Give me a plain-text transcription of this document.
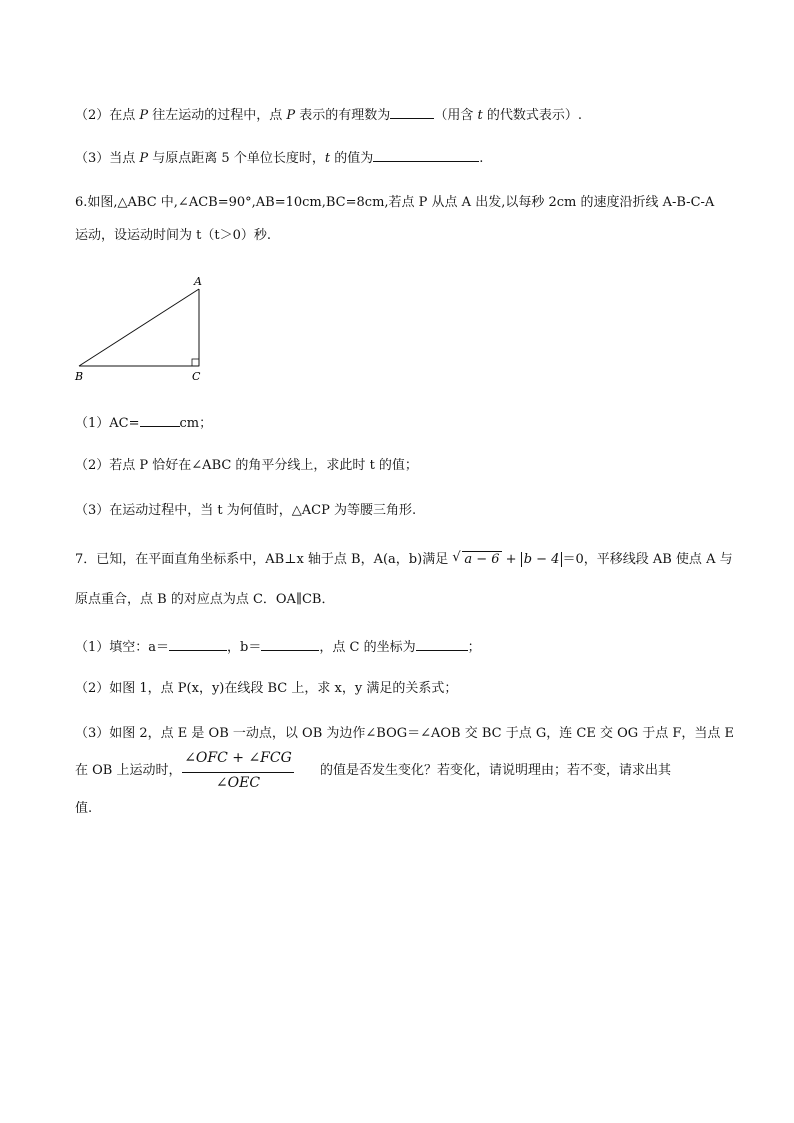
（2）在点 P 往左运动的过程中，点 P 表示的有理数为	（用含 t 的代数式表示）.
（3）当点 P 与原点距离 5 个单位长度时，t 的值为	.
6.如图,△ABC 中,∠ACB=90°,AB=10cm,BC=8cm,若点 P 从点 A 出发,以每秒 2cm 的速度沿折线 A-B-C-A
运动，设运动时间为 t（t＞0）秒.
A
B	C
（1）AC=	cm；
（2）若点 P 恰好在∠ABC 的角平分线上，求此时 t 的值；
（3）在运动过程中，当 t 为何值时，△ACP 为等腰三角形.
7．已知，在平面直角坐标系中，AB⊥x 轴于点 B，A(a，b)满足 √ a − 6 + b − 4 ＝0，平移线段 AB 使点 A 与
原点重合，点 B 的对应点为点 C．OA∥CB．
（1）填空：a＝	，b＝	，点 C 的坐标为	；
（2）如图 1，点 P(x，y)在线段 BC 上，求 x，y 满足的关系式；
（3）如图 2，点 E 是 OB 一动点，以 OB 为边作∠BOG＝∠AOB 交 BC 于点 G，连 CE 交 OG 于点 F，当点 E
在 OB 上运动时，
∠OFC + ∠FCG
∠OEC
的值是否发生变化？若变化，请说明理由；若不变，请求出其
值.
